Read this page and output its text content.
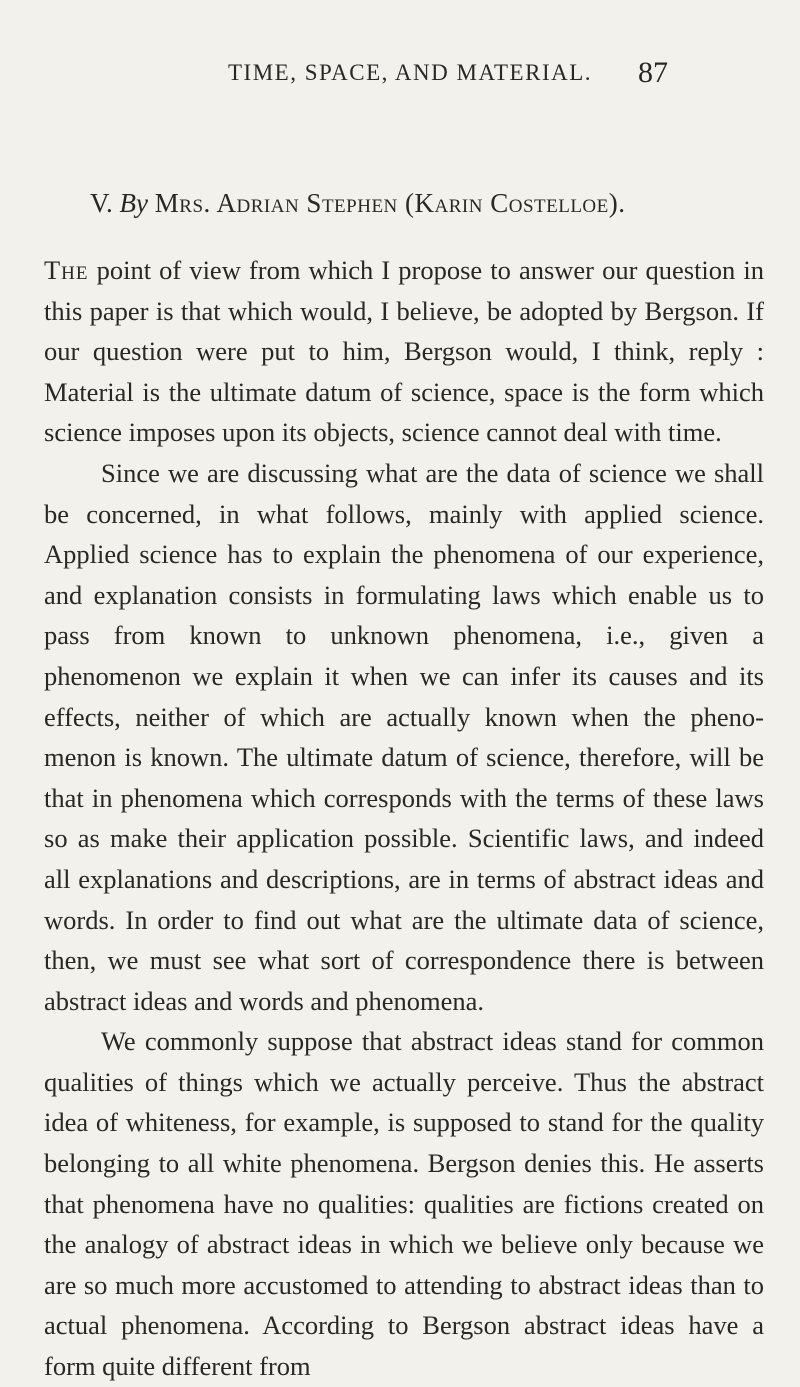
TIME, SPACE, AND MATERIAL. 87
V. By Mrs. Adrian Stephen (Karin Costelloe).

The point of view from which I propose to answer our question in this paper is that which would, I believe, be adopted by Bergson. If our question were put to him, Bergson would, I think, reply : Material is the ultimate datum of science, space is the form which science imposes upon its objects, science cannot deal with time.

Since we are discussing what are the data of science we shall be concerned, in what follows, mainly with applied science. Applied science has to explain the phenomena of our experience, and explanation consists in formulating laws which enable us to pass from known to unknown phenomena, i.e., given a phenomenon we explain it when we can infer its causes and its effects, neither of which are actually known when the pheno-menon is known. The ultimate datum of science, therefore, will be that in phenomena which corresponds with the terms of these laws so as make their application possible. Scientific laws, and indeed all explanations and descriptions, are in terms of abstract ideas and words. In order to find out what are the ultimate data of science, then, we must see what sort of correspondence there is between abstract ideas and words and phenomena.

We commonly suppose that abstract ideas stand for common qualities of things which we actually perceive. Thus the abstract idea of whiteness, for example, is supposed to stand for the quality belonging to all white phenomena. Bergson denies this. He asserts that phenomena have no qualities: qualities are fictions created on the analogy of abstract ideas in which we believe only because we are so much more accustomed to attending to abstract ideas than to actual phenomena. According to Bergson abstract ideas have a form quite different from
